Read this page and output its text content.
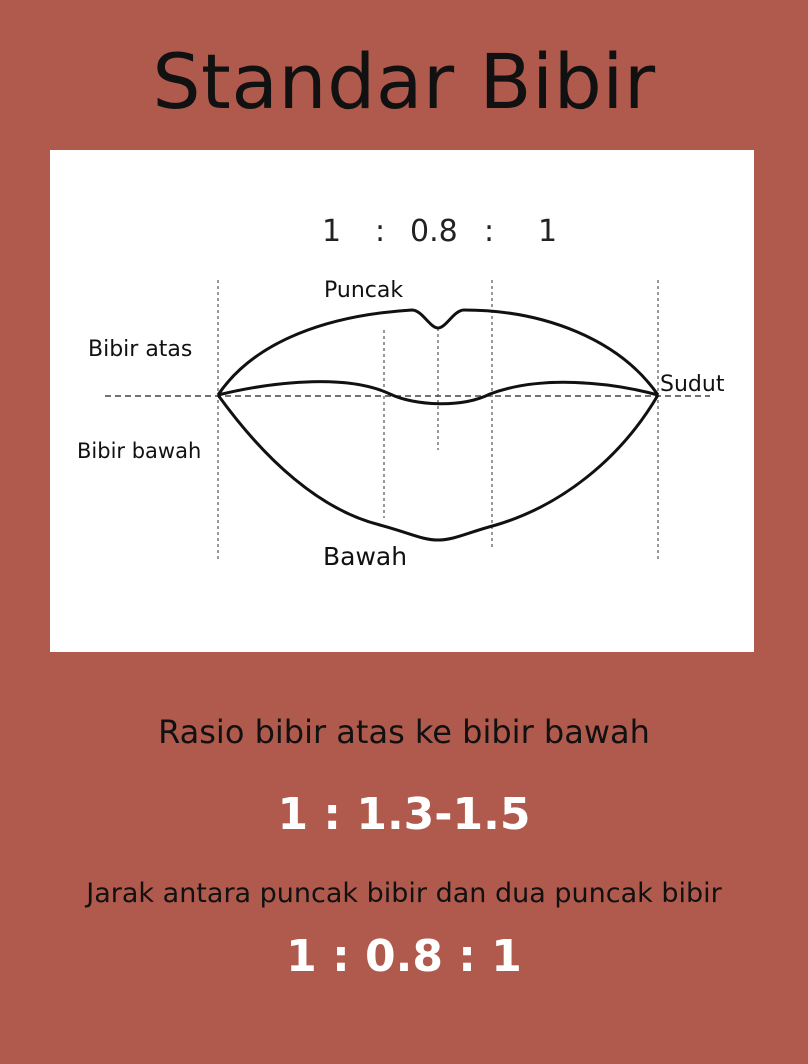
Standar Bibir
1 : 0.8 : 1
Puncak
Bibir atas
Bibir bawah
Sudut
Bawah
Rasio bibir atas ke bibir bawah
1 : 1.3-1.5
Jarak antara puncak bibir dan dua puncak bibir
1 : 0.8 : 1
